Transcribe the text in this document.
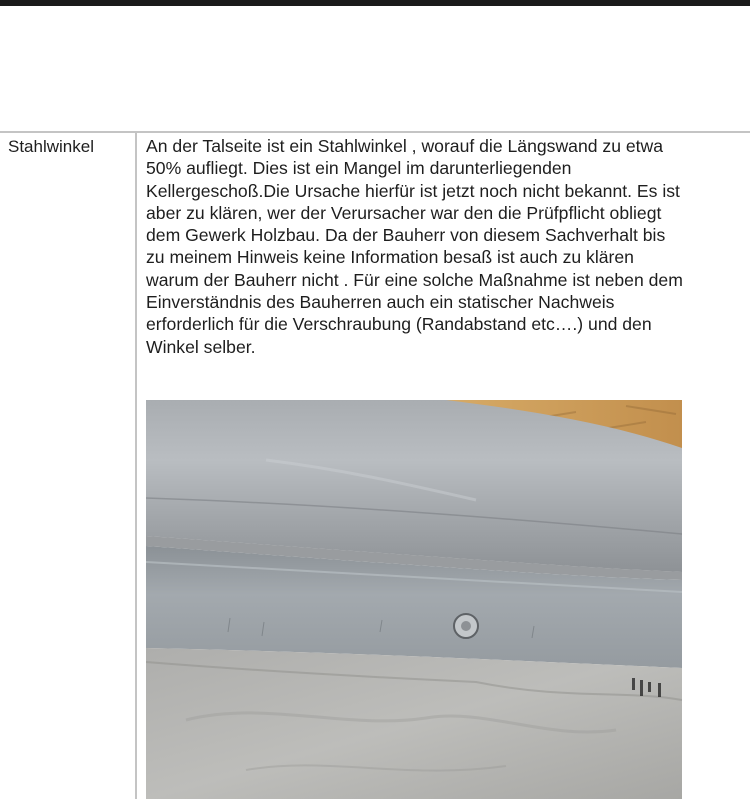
Stahlwinkel	An der Talseite ist ein Stahlwinkel , worauf die Längswand zu etwa
50% aufliegt. Dies ist ein Mangel im darunterliegenden
Kellergeschoß.Die Ursache hierfür ist jetzt noch nicht bekannt. Es ist
aber zu klären, wer der Verursacher war den die Prüfpflicht obliegt
dem Gewerk Holzbau. Da der Bauherr von diesem Sachverhalt bis
zu meinem Hinweis keine Information besaß ist auch zu klären
warum der Bauherr nicht . Für eine solche Maßnahme ist neben dem
Einverständnis des Bauherren auch ein statischer Nachweis
erforderlich für die Verschraubung (Randabstand etc….) und den
Winkel selber.
